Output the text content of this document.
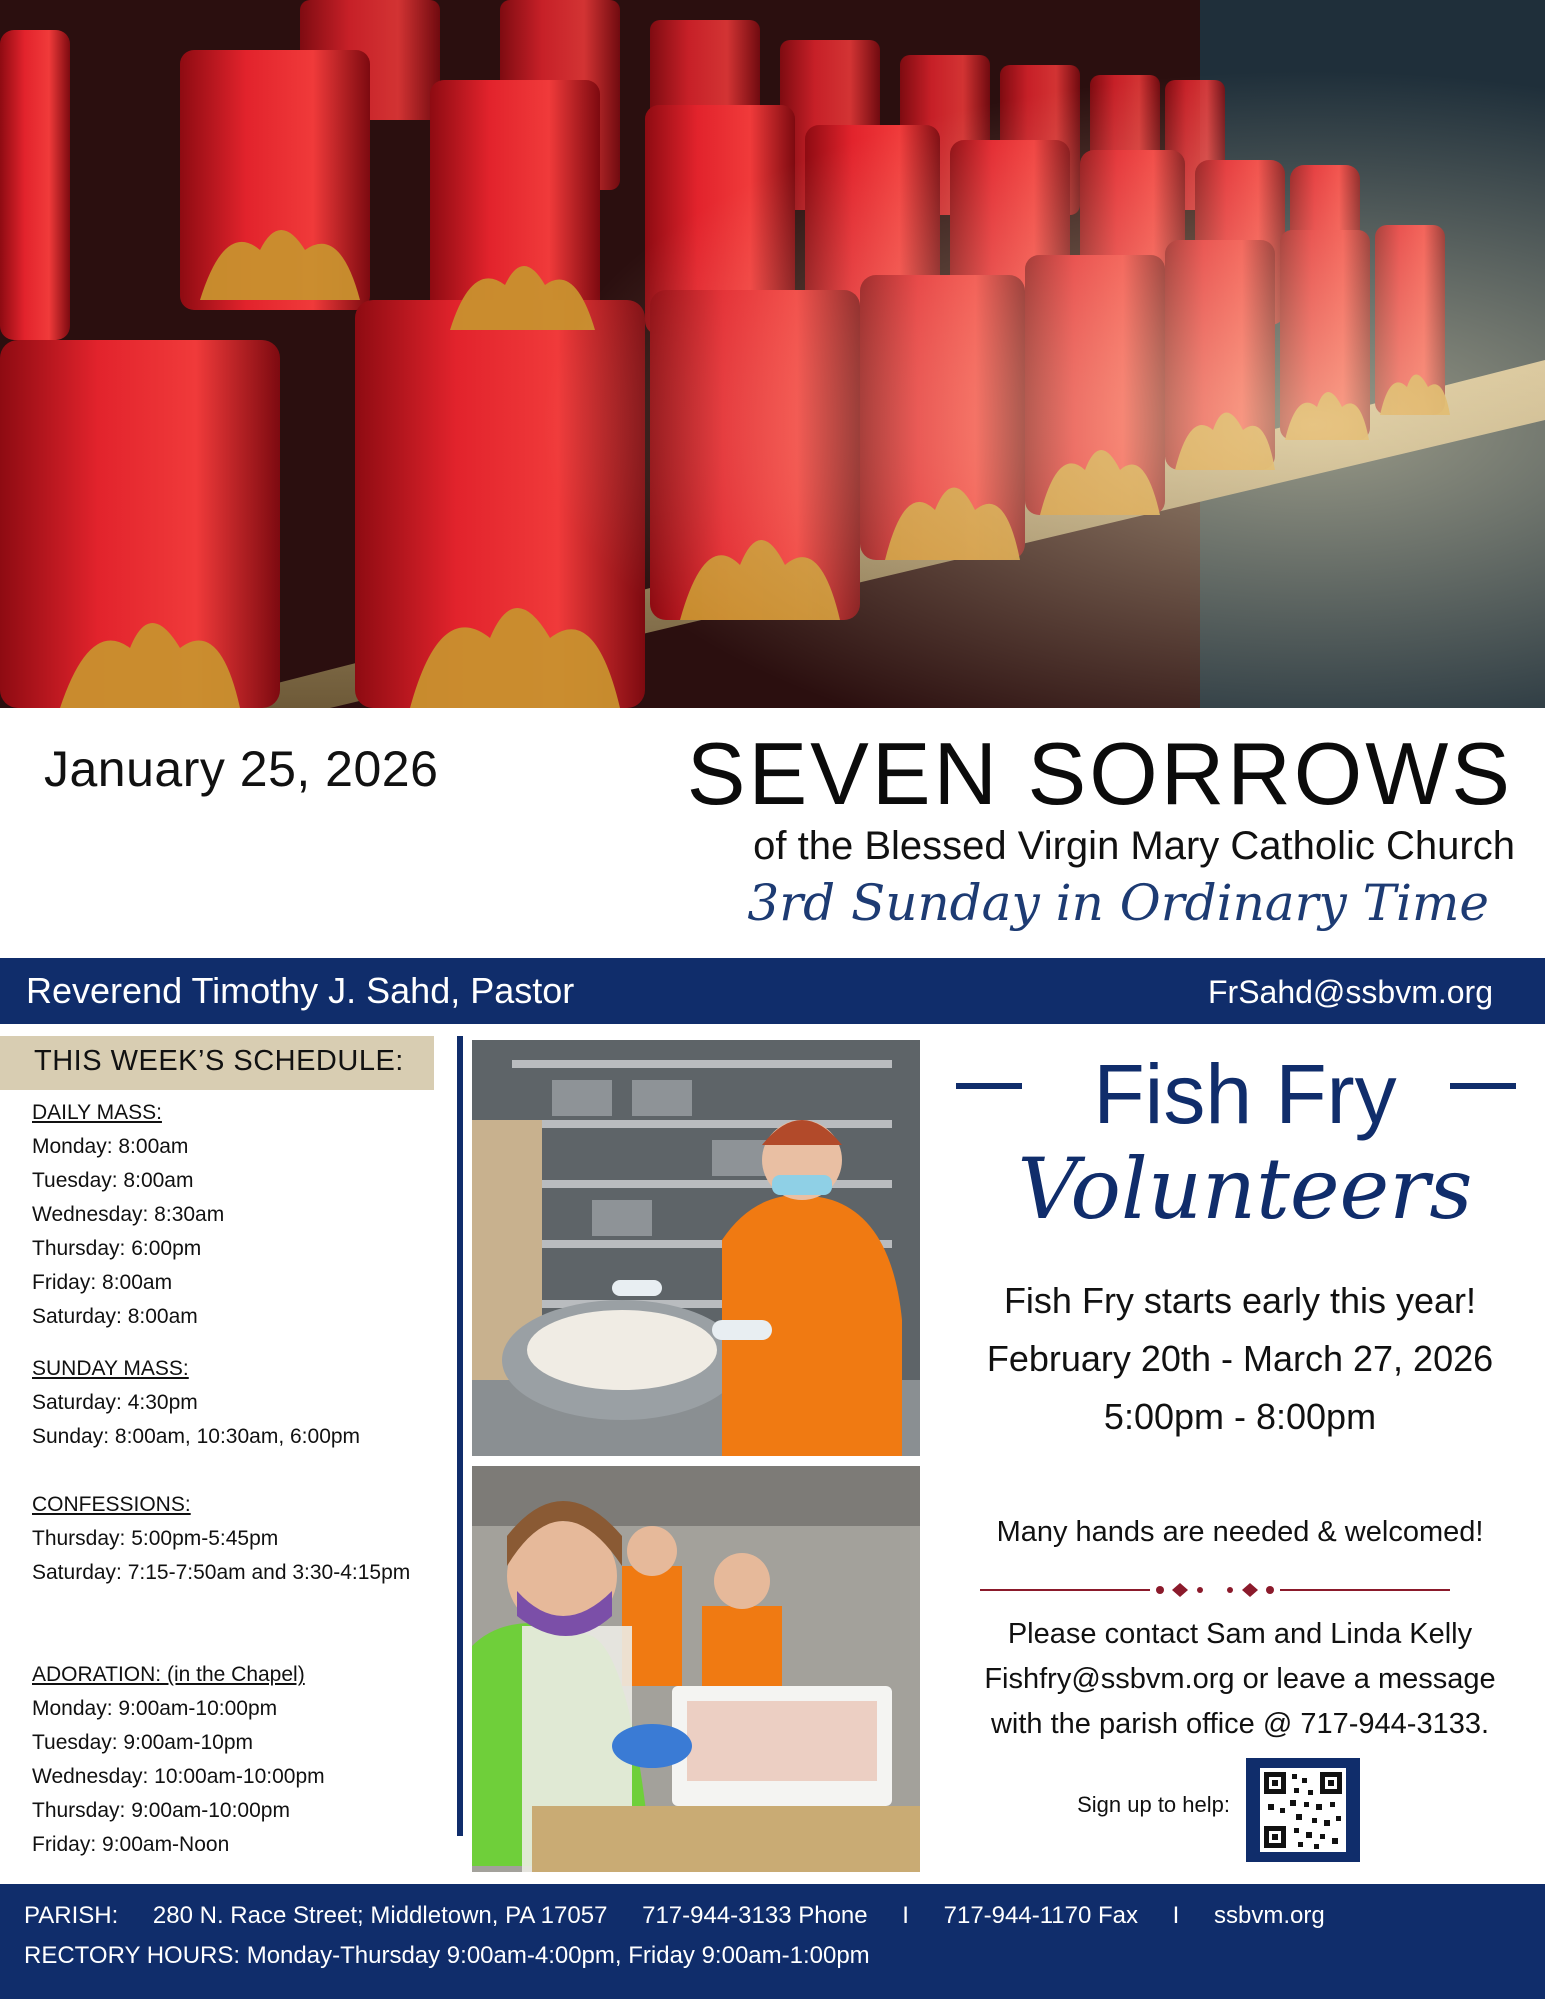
January 25, 2026	SEVEN SORROWS
of the Blessed Virgin Mary Catholic Church
3rd Sunday in Ordinary Time
Reverend Timothy J. Sahd, Pastor	FrSahd@ssbvm.org
THIS WEEK’S SCHEDULE:
DAILY MASS:
Monday: 8:00am
Tuesday: 8:00am
Wednesday: 8:30am
Thursday: 6:00pm
Friday: 8:00am
Saturday: 8:00am
SUNDAY MASS:
Saturday: 4:30pm
Sunday: 8:00am, 10:30am, 6:00pm
CONFESSIONS:
Thursday: 5:00pm-5:45pm
Saturday: 7:15-7:50am and 3:30-4:15pm
ADORATION: (in the Chapel)
Monday: 9:00am-10:00pm
Tuesday: 9:00am-10pm
Wednesday: 10:00am-10:00pm
Thursday: 9:00am-10:00pm
Friday: 9:00am-Noon
Fish Fry
Volunteers
Fish Fry starts early this year!
February 20th - March 27, 2026
5:00pm - 8:00pm
Many hands are needed & welcomed!
Please contact Sam and Linda Kelly
Fishfry@ssbvm.org or leave a message
with the parish office @ 717-944-3133.
Sign up to help:
PARISH: 280 N. Race Street; Middletown, PA 17057 717-944-3133 Phone I 717-944-1170 Fax I ssbvm.org
RECTORY HOURS: Monday-Thursday 9:00am-4:00pm, Friday 9:00am-1:00pm
